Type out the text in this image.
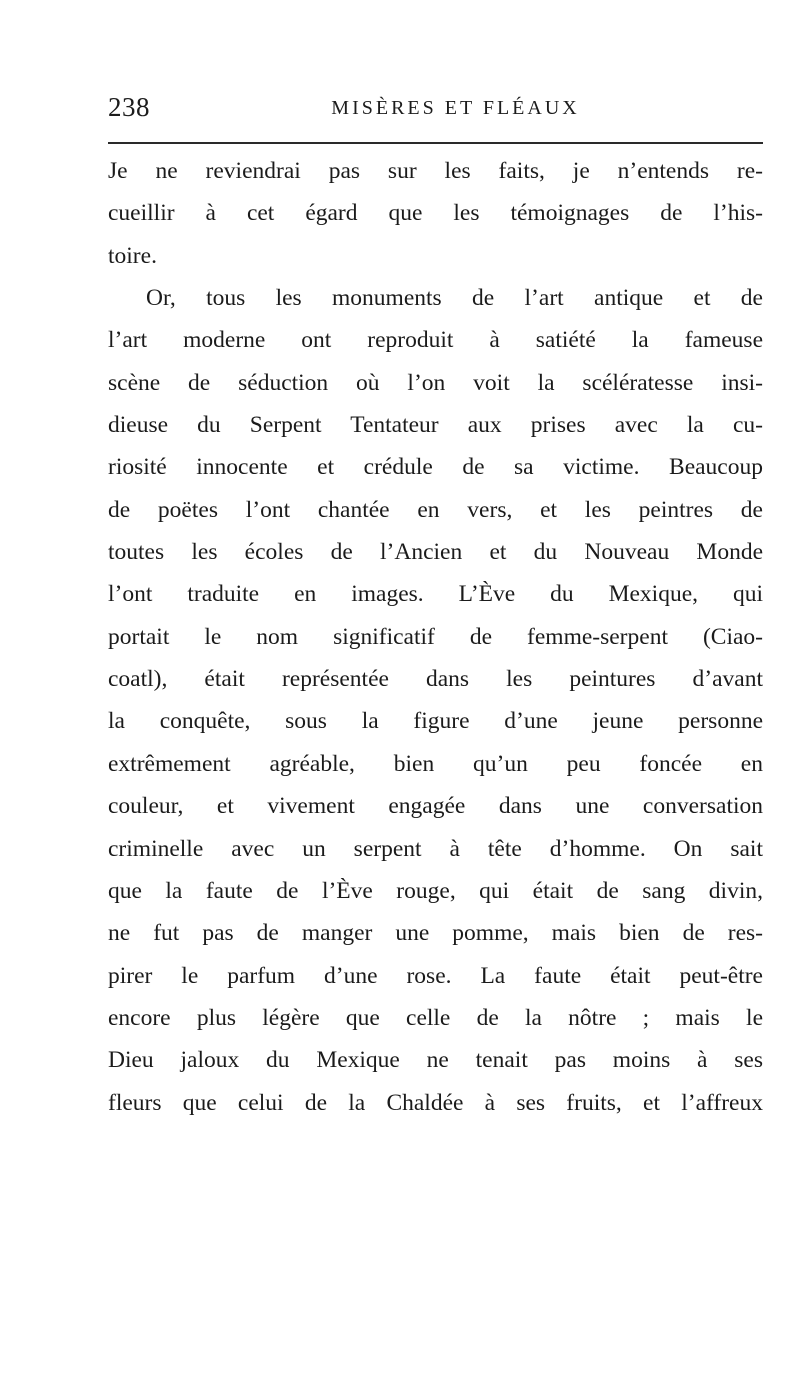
238	MISÈRES ET FLÉAUX
Je ne reviendrai pas sur les faits, je n’entends re-
cueillir à cet égard que les témoignages de l’his-
toire.
Or, tous les monuments de l’art antique et de
l’art moderne ont reproduit à satiété la fameuse
scène de séduction où l’on voit la scélératesse insi-
dieuse du Serpent Tentateur aux prises avec la cu-
riosité innocente et crédule de sa victime. Beaucoup
de poëtes l’ont chantée en vers, et les peintres de
toutes les écoles de l’Ancien et du Nouveau Monde
l’ont traduite en images. L’Ève du Mexique, qui
portait le nom significatif de femme-serpent (Ciao-
coatl), était représentée dans les peintures d’avant
la conquête, sous la figure d’une jeune personne
extrêmement agréable, bien qu’un peu foncée en
couleur, et vivement engagée dans une conversation
criminelle avec un serpent à tête d’homme. On sait
que la faute de l’Ève rouge, qui était de sang divin,
ne fut pas de manger une pomme, mais bien de res-
pirer le parfum d’une rose. La faute était peut-être
encore plus légère que celle de la nôtre ; mais le
Dieu jaloux du Mexique ne tenait pas moins à ses
fleurs que celui de la Chaldée à ses fruits, et l’affreux
